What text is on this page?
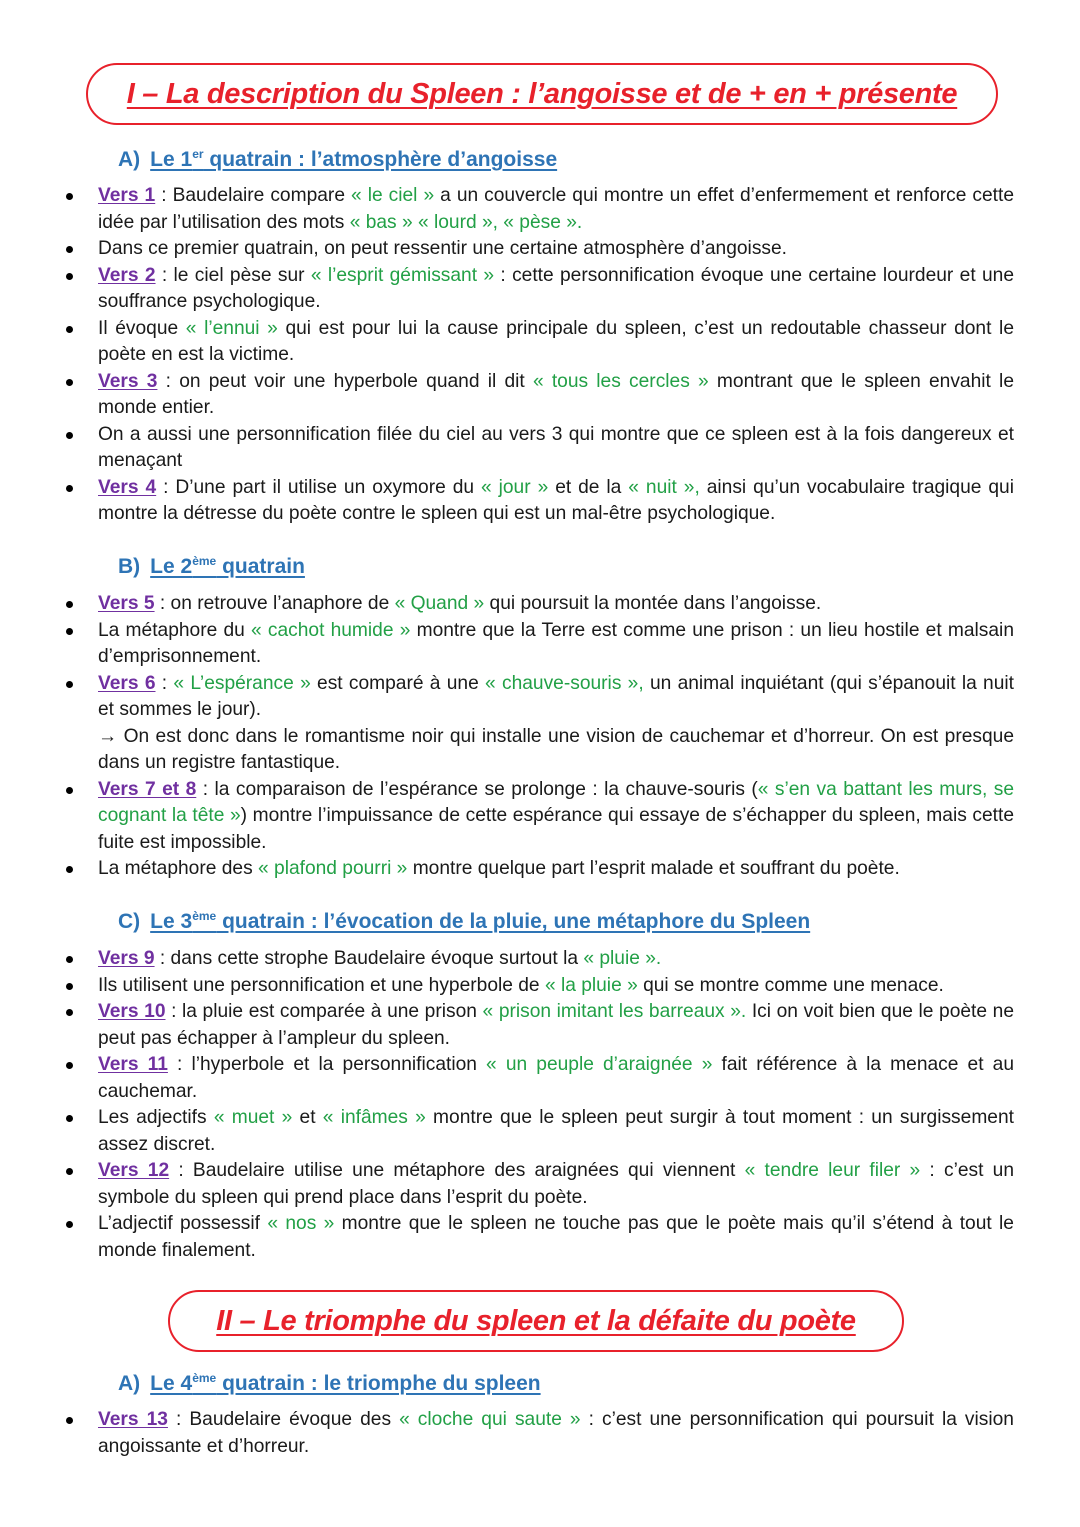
I – La description du Spleen : l’angoisse et de + en + présente
A) Le 1er quatrain : l’atmosphère d’angoisse
Vers 1 : Baudelaire compare « le ciel » a un couvercle qui montre un effet d’enfermement et renforce cette idée par l’utilisation des mots « bas » « lourd », « pèse ».
Dans ce premier quatrain, on peut ressentir une certaine atmosphère d’angoisse.
Vers 2 : le ciel pèse sur « l’esprit gémissant » : cette personnification évoque une certaine lourdeur et une souffrance psychologique.
Il évoque « l’ennui » qui est pour lui la cause principale du spleen, c’est un redoutable chasseur dont le poète en est la victime.
Vers 3 : on peut voir une hyperbole quand il dit « tous les cercles » montrant que le spleen envahit le monde entier.
On a aussi une personnification filée du ciel au vers 3 qui montre que ce spleen est à la fois dangereux et menaçant
Vers 4 : D’une part il utilise un oxymore du « jour » et de la « nuit », ainsi qu’un vocabulaire tragique qui montre la détresse du poète contre le spleen qui est un mal-être psychologique.
B) Le 2ème quatrain
Vers 5 : on retrouve l’anaphore de « Quand » qui poursuit la montée dans l’angoisse.
La métaphore du « cachot humide » montre que la Terre est comme une prison : un lieu hostile et malsain d’emprisonnement.
Vers 6 : « L’espérance » est comparé à une « chauve-souris », un animal inquiétant (qui s’épanouit la nuit et sommes le jour).
→ On est donc dans le romantisme noir qui installe une vision de cauchemar et d’horreur. On est presque dans un registre fantastique.
Vers 7 et 8 : la comparaison de l’espérance se prolonge : la chauve-souris (« s’en va battant les murs, se cognant la tête ») montre l’impuissance de cette espérance qui essaye de s’échapper du spleen, mais cette fuite est impossible.
La métaphore des « plafond pourri » montre quelque part l’esprit malade et souffrant du poète.
C) Le 3ème quatrain : l’évocation de la pluie, une métaphore du Spleen
Vers 9 : dans cette strophe Baudelaire évoque surtout la « pluie ».
Ils utilisent une personnification et une hyperbole de « la pluie » qui se montre comme une menace.
Vers 10 : la pluie est comparée à une prison « prison imitant les barreaux ». Ici on voit bien que le poète ne peut pas échapper à l’ampleur du spleen.
Vers 11 : l’hyperbole et la personnification « un peuple d’araignée » fait référence à la menace et au cauchemar.
Les adjectifs « muet » et « infâmes » montre que le spleen peut surgir à tout moment : un surgissement assez discret.
Vers 12 : Baudelaire utilise une métaphore des araignées qui viennent « tendre leur filer » : c’est un symbole du spleen qui prend place dans l’esprit du poète.
L’adjectif possessif « nos » montre que le spleen ne touche pas que le poète mais qu’il s’étend à tout le monde finalement.
II – Le triomphe du spleen et la défaite du poète
A) Le 4ème quatrain : le triomphe du spleen
Vers 13 : Baudelaire évoque des « cloche qui saute » : c’est une personnification qui poursuit la vision angoissante et d’horreur.
